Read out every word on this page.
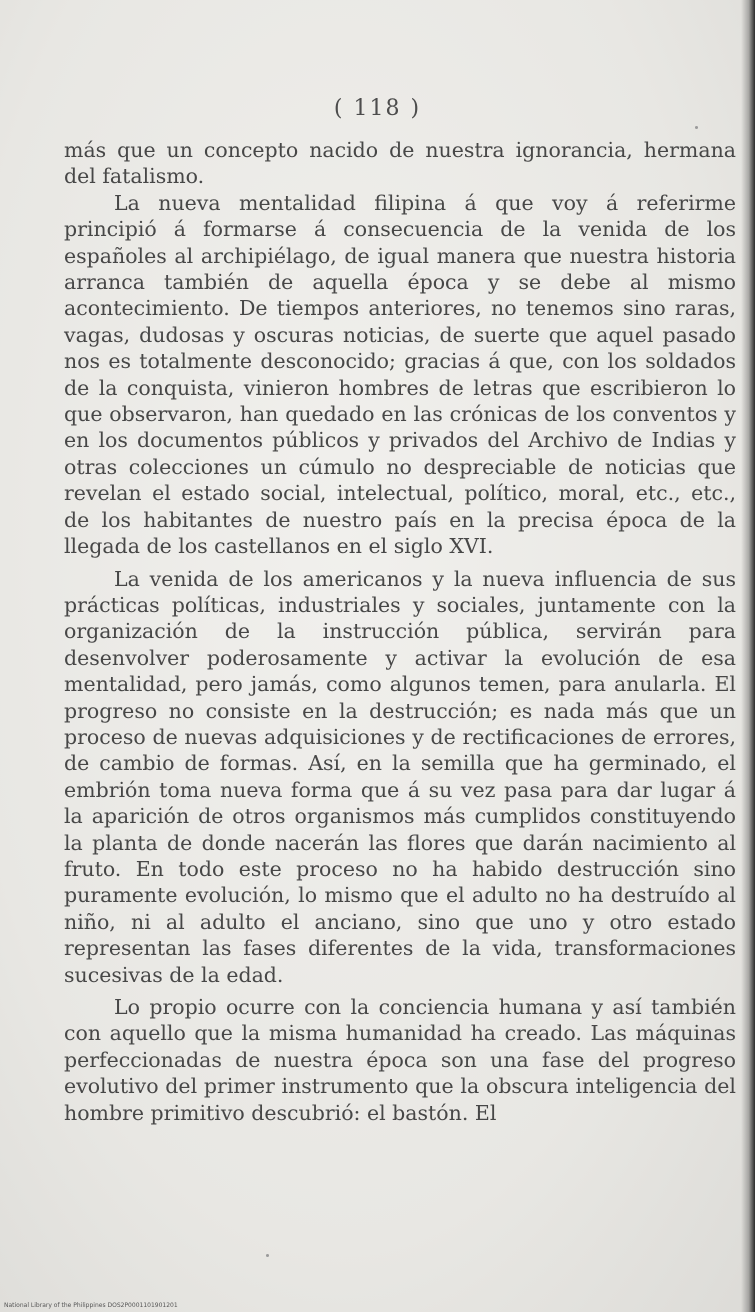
( 118 )

más que un concepto nacido de nuestra ignorancia, hermana del fatalismo.

La nueva mentalidad filipina á que voy á referirme principió á formarse á consecuencia de la venida de los españoles al archipiélago, de igual manera que nuestra historia arranca también de aquella época y se debe al mismo acontecimiento. De tiempos anteriores, no tenemos sino raras, vagas, dudosas y oscuras noticias, de suerte que aquel pasado nos es totalmente desconocido; gracias á que, con los soldados de la conquista, vinieron hombres de letras que escribieron lo que observaron, han quedado en las crónicas de los conventos y en los documentos públicos y privados del Archivo de Indias y otras colecciones un cúmulo no despreciable de noticias que revelan el estado social, intelectual, político, moral, etc., etc., de los habitantes de nuestro país en la precisa época de la llegada de los castellanos en el siglo XVI.

La venida de los americanos y la nueva influencia de sus prácticas políticas, industriales y sociales, juntamente con la organización de la instrucción pública, servirán para desenvolver poderosamente y activar la evolución de esa mentalidad, pero jamás, como algunos temen, para anularla. El progreso no consiste en la destrucción; es nada más que un proceso de nuevas adquisiciones y de rectificaciones de errores, de cambio de formas. Así, en la semilla que ha germinado, el embrión toma nueva forma que á su vez pasa para dar lugar á la aparición de otros organismos más cumplidos constituyendo la planta de donde nacerán las flores que darán nacimiento al fruto. En todo este proceso no ha habido destrucción sino puramente evolución, lo mismo que el adulto no ha destruído al niño, ni al adulto el anciano, sino que uno y otro estado representan las fases diferentes de la vida, transformaciones sucesivas de la edad.

Lo propio ocurre con la conciencia humana y así también con aquello que la misma humanidad ha creado. Las máquinas perfeccionadas de nuestra época son una fase del progreso evolutivo del primer instrumento que la obscura inteligencia del hombre primitivo descubrió: el bastón. El

National Library of the Philippines DOS2P0001101901201
